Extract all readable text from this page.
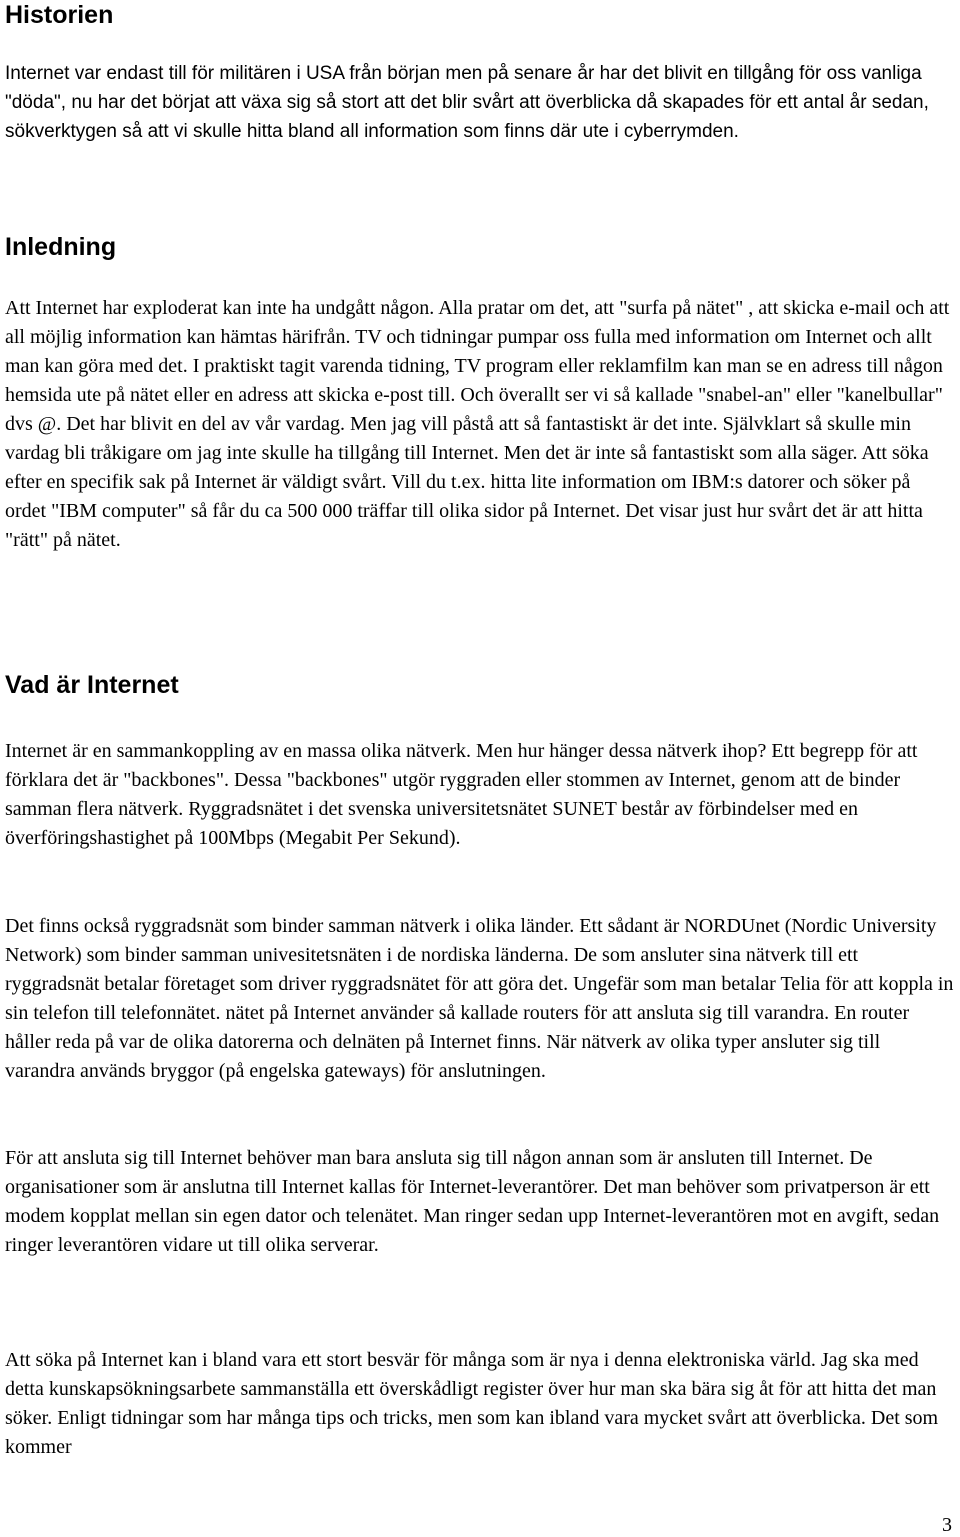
Historien

Internet var endast till för militären i USA från början men på senare år har det blivit en tillgång för oss vanliga "döda", nu har det börjat att växa sig så stort att det blir svårt att överblicka då skapades för ett antal år sedan, sökverktygen så att vi skulle hitta bland all information som finns där ute i cyberrymden.

Inledning

Att Internet har exploderat kan inte ha undgått någon. Alla pratar om det, att "surfa på nätet" , att skicka e-mail och att all möjlig information kan hämtas härifrån. TV och tidningar pumpar oss fulla med information om Internet och allt man kan göra med det. I praktiskt tagit varenda tidning, TV program eller reklamfilm kan man se en adress till någon hemsida ute på nätet eller en adress att skicka e-post till. Och överallt ser vi så kallade "snabel-an" eller "kanelbullar" dvs @. Det har blivit en del av vår vardag. Men jag vill påstå att så fantastiskt är det inte. Självklart så skulle min vardag bli tråkigare om jag inte skulle ha tillgång till Internet. Men det är inte så fantastiskt som alla säger. Att söka efter en specifik sak på Internet är väldigt svårt. Vill du t.ex. hitta lite information om IBM:s datorer och söker på ordet "IBM computer" så får du ca 500 000 träffar till olika sidor på Internet. Det visar just hur svårt det är att hitta "rätt" på nätet.

Vad är Internet

Internet är en sammankoppling av en massa olika nätverk. Men hur hänger dessa nätverk ihop? Ett begrepp för att förklara det är "backbones". Dessa "backbones" utgör ryggraden eller stommen av Internet, genom att de binder samman flera nätverk. Ryggradsnätet i det svenska universitetsnätet SUNET består av förbindelser med en överföringshastighet på 100Mbps (Megabit Per Sekund).

Det finns också ryggradsnät som binder samman nätverk i olika länder. Ett sådant är NORDUnet (Nordic University Network) som binder samman univesitetsnäten i de nordiska länderna. De som ansluter sina nätverk till ett ryggradsnät betalar företaget som driver ryggradsnätet för att göra det. Ungefär som man betalar Telia för att koppla in sin telefon till telefonnätet. nätet på Internet använder så kallade routers för att ansluta sig till varandra. En router håller reda på var de olika datorerna och delnäten på Internet finns. När nätverk av olika typer ansluter sig till varandra används bryggor (på engelska gateways) för anslutningen.

För att ansluta sig till Internet behöver man bara ansluta sig till någon annan som är ansluten till Internet. De organisationer som är anslutna till Internet kallas för Internet-leverantörer. Det man behöver som privatperson är ett modem kopplat mellan sin egen dator och telenätet. Man ringer sedan upp Internet-leverantören mot en avgift, sedan ringer leverantören vidare ut till olika serverar.

Att söka på Internet kan i bland vara ett stort besvär för många som är nya i denna elektroniska värld. Jag ska med detta kunskapsökningsarbete sammanställa ett överskådligt register över hur man ska bära sig åt för att hitta det man söker. Enligt tidningar som har många tips och tricks, men som kan ibland vara mycket svårt att överblicka. Det som kommer

3
